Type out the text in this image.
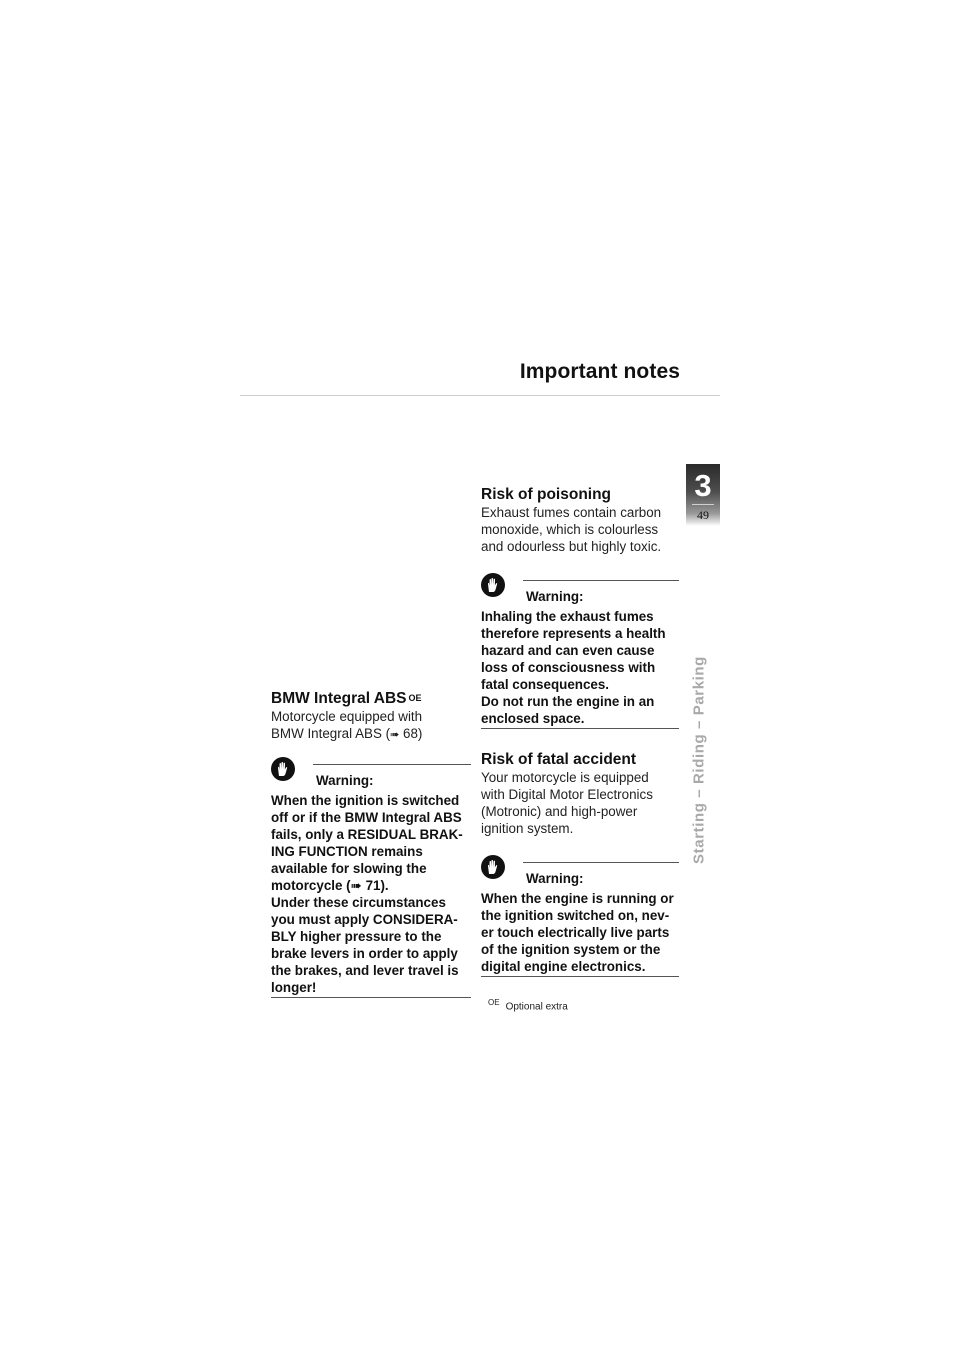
Important notes
3
49
Starting – Riding – Parking
BMW Integral ABS $^{OE}$

Motorcycle equipped with
BMW Integral ABS (➠ 68)

Warning:

When the ignition is switched
off or if the BMW Integral ABS
fails, only a RESIDUAL BRAK-
ING FUNCTION remains
available for slowing the
motorcycle (➠ 71).
Under these circumstances
you must apply CONSIDERA-
BLY higher pressure to the
brake levers in order to apply
the brakes, and lever travel is
longer!

Risk of poisoning

Exhaust fumes contain carbon
monoxide, which is colourless
and odourless but highly toxic.

Warning:

Inhaling the exhaust fumes
therefore represents a health
hazard and can even cause
loss of consciousness with
fatal consequences.
Do not run the engine in an
enclosed space.

Risk of fatal accident

Your motorcycle is equipped
with Digital Motor Electronics
(Motronic) and high-power
ignition system.

Warning:

When the engine is running or
the ignition switched on, nev-
er touch electrically live parts
of the ignition system or the
digital engine electronics.

$^{OE}$ Optional extra
